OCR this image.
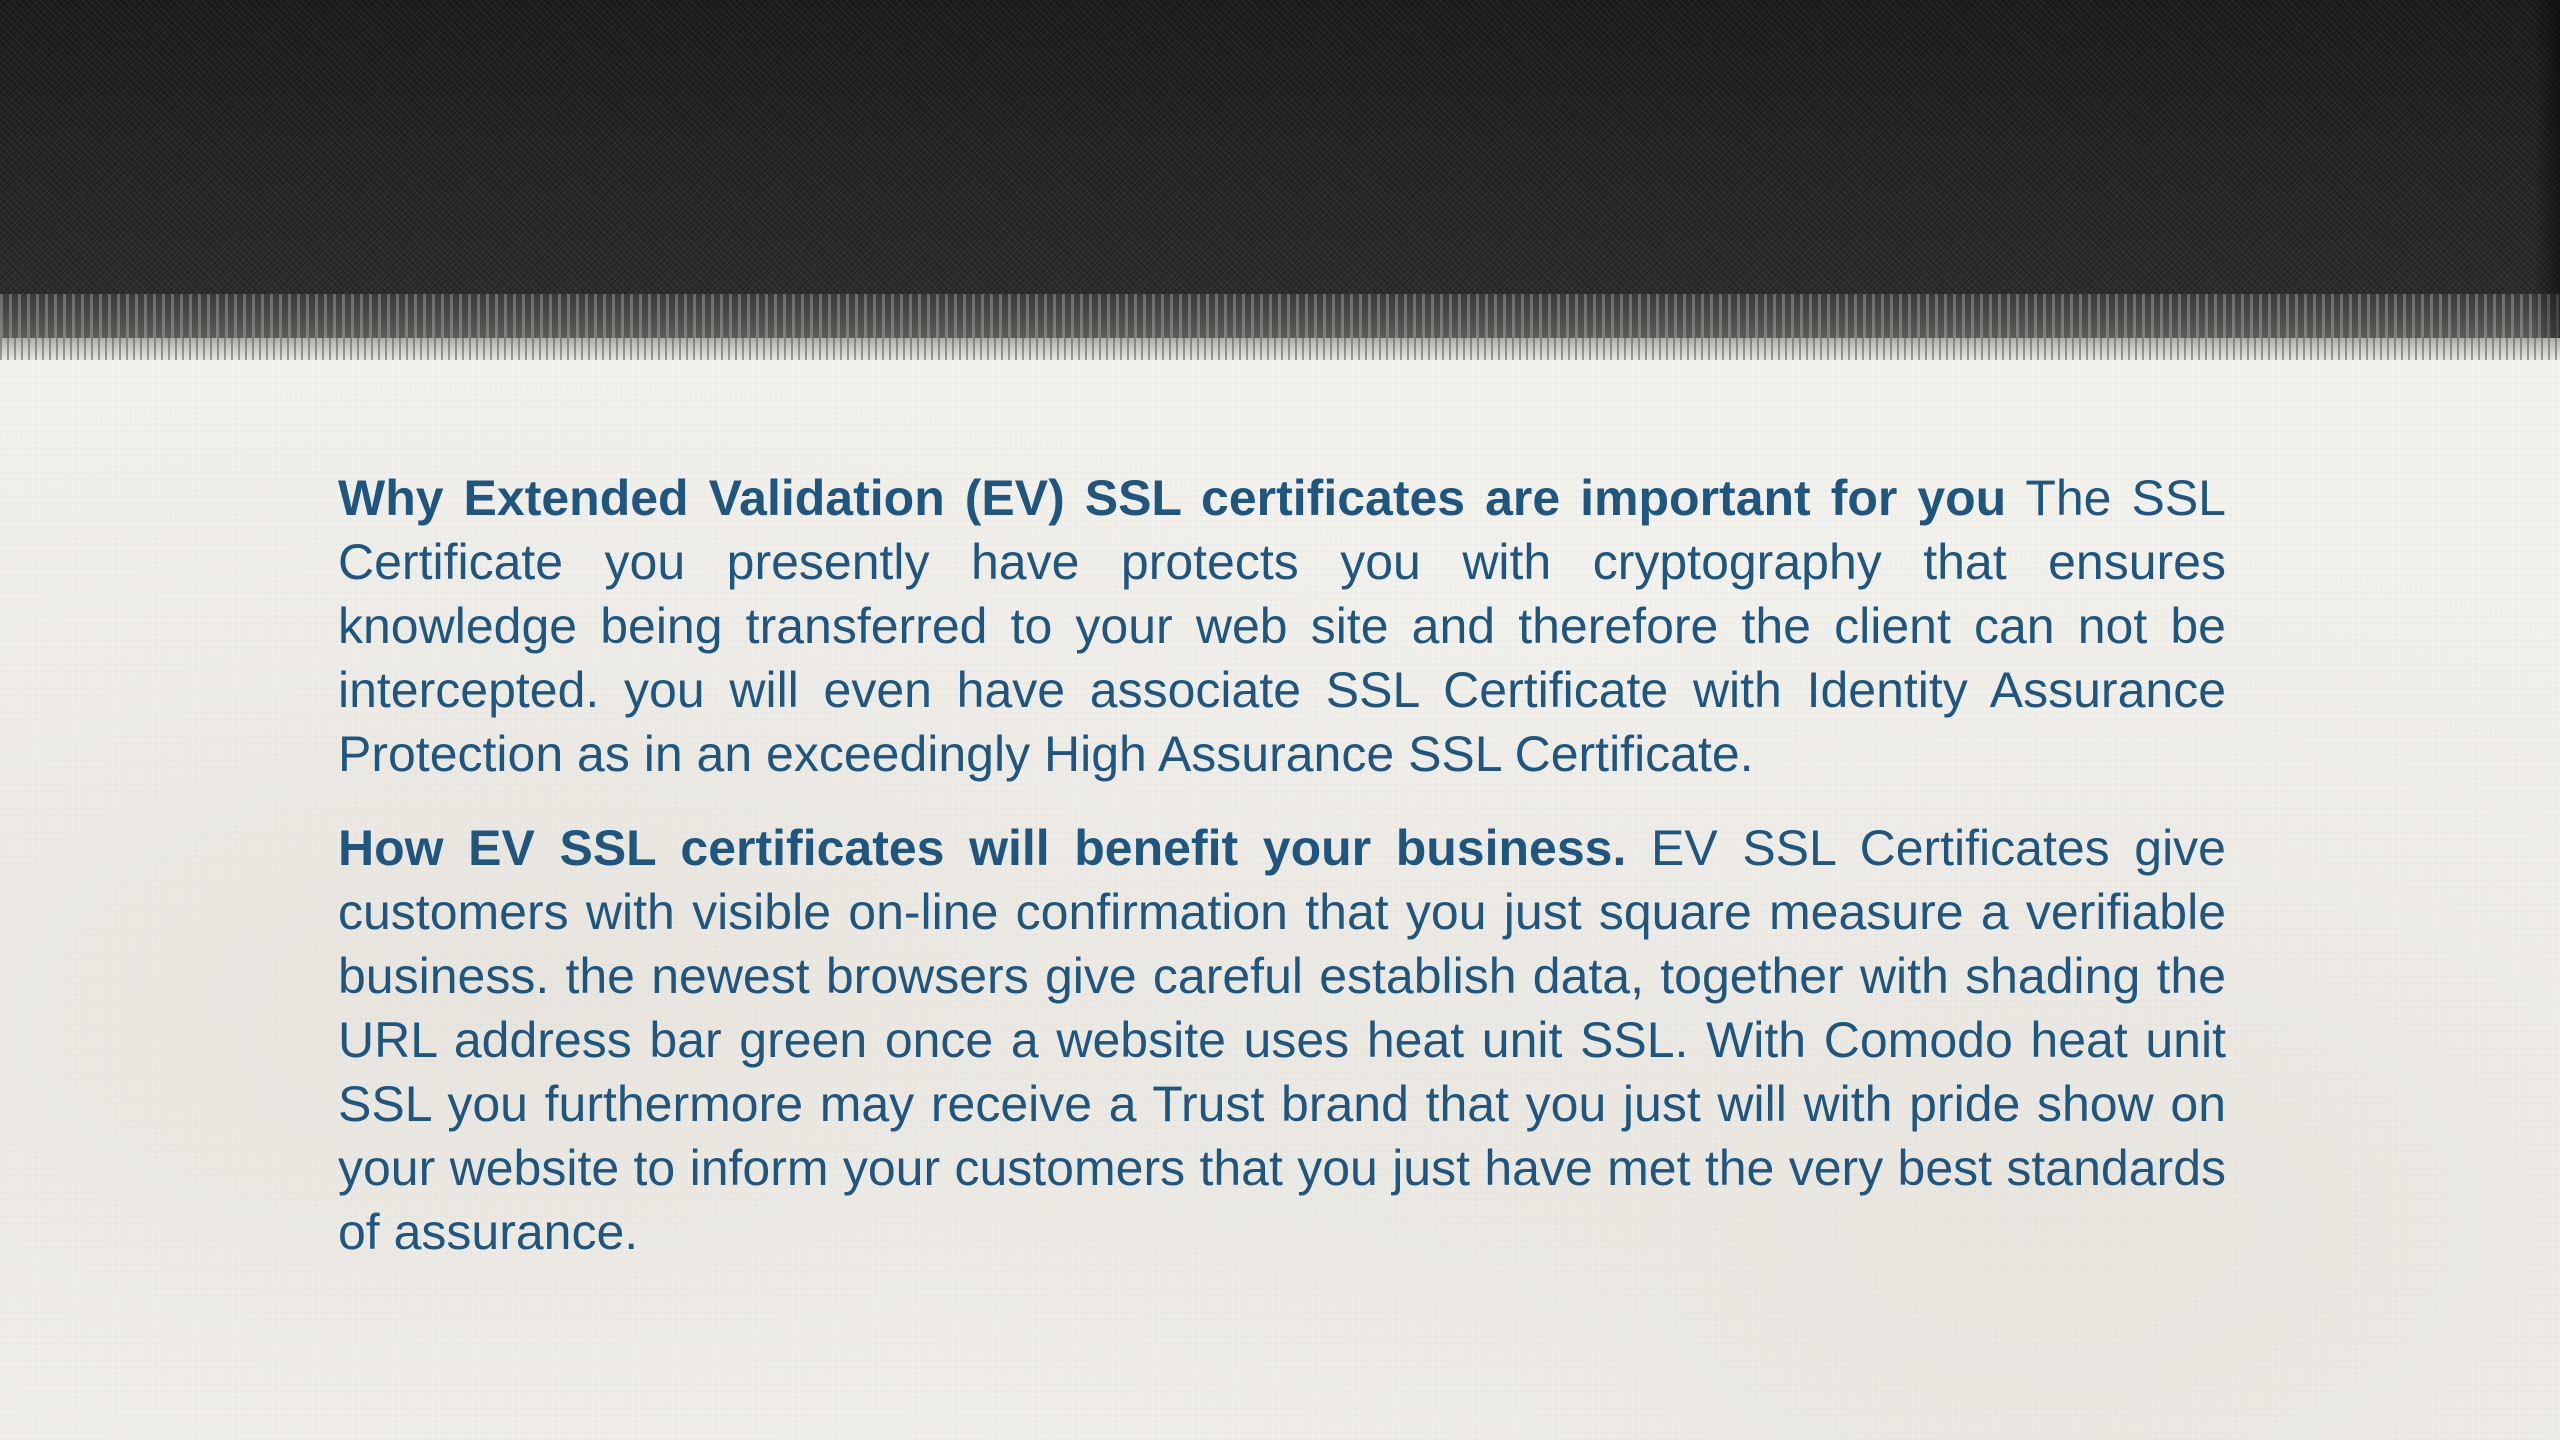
Why Extended Validation (EV) SSL certificates are important for you The SSL Certificate you presently have protects you with cryptography that ensures knowledge being transferred to your web site and therefore the client can not be intercepted. you will even have associate SSL Certificate with Identity Assurance Protection as in an exceedingly High Assurance SSL Certificate.

How EV SSL certificates will benefit your business. EV SSL Certificates give customers with visible on-line confirmation that you just square measure a verifiable business. the newest browsers give careful establish data, together with shading the URL address bar green once a website uses heat unit SSL. With Comodo heat unit SSL you furthermore may receive a Trust brand that you just will with pride show on your website to inform your customers that you just have met the very best standards of assurance.
